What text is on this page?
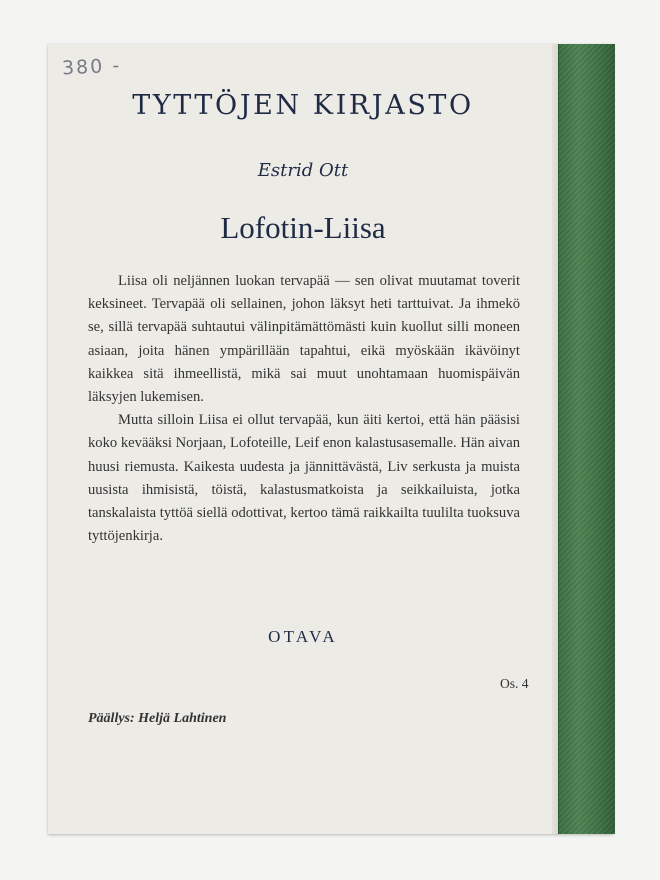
380 -
TYTTÖJEN KIRJASTO
Estrid Ott
Lofotin-Liisa

Liisa oli neljännen luokan tervapää — sen olivat muutamat toverit keksineet. Tervapää oli sellainen, johon läksyt heti tarttuivat. Ja ihmekö se, sillä tervapää suhtautui välinpitämättömästi kuin kuollut silli moneen asiaan, joita hänen ympärillään tapahtui, eikä myöskään ikävöinyt kaikkea sitä ihmeellistä, mikä sai muut unohtamaan huomispäivän läksyjen lukemisen.

Mutta silloin Liisa ei ollut tervapää, kun äiti kertoi, että hän pääsisi koko kevääksi Norjaan, Lofoteille, Leif enon kalastusasemalle. Hän aivan huusi riemusta. Kaikesta uudesta ja jännittävästä, Liv serkusta ja muista uusista ihmisistä, töistä, kalastusmatkoista ja seikkailuista, jotka tanskalaista tyttöä siellä odottivat, kertoo tämä raikkailta tuulilta tuoksuva tyttöjenkirja.

OTAVA
Os. 4
Päällys: Heljä Lahtinen
